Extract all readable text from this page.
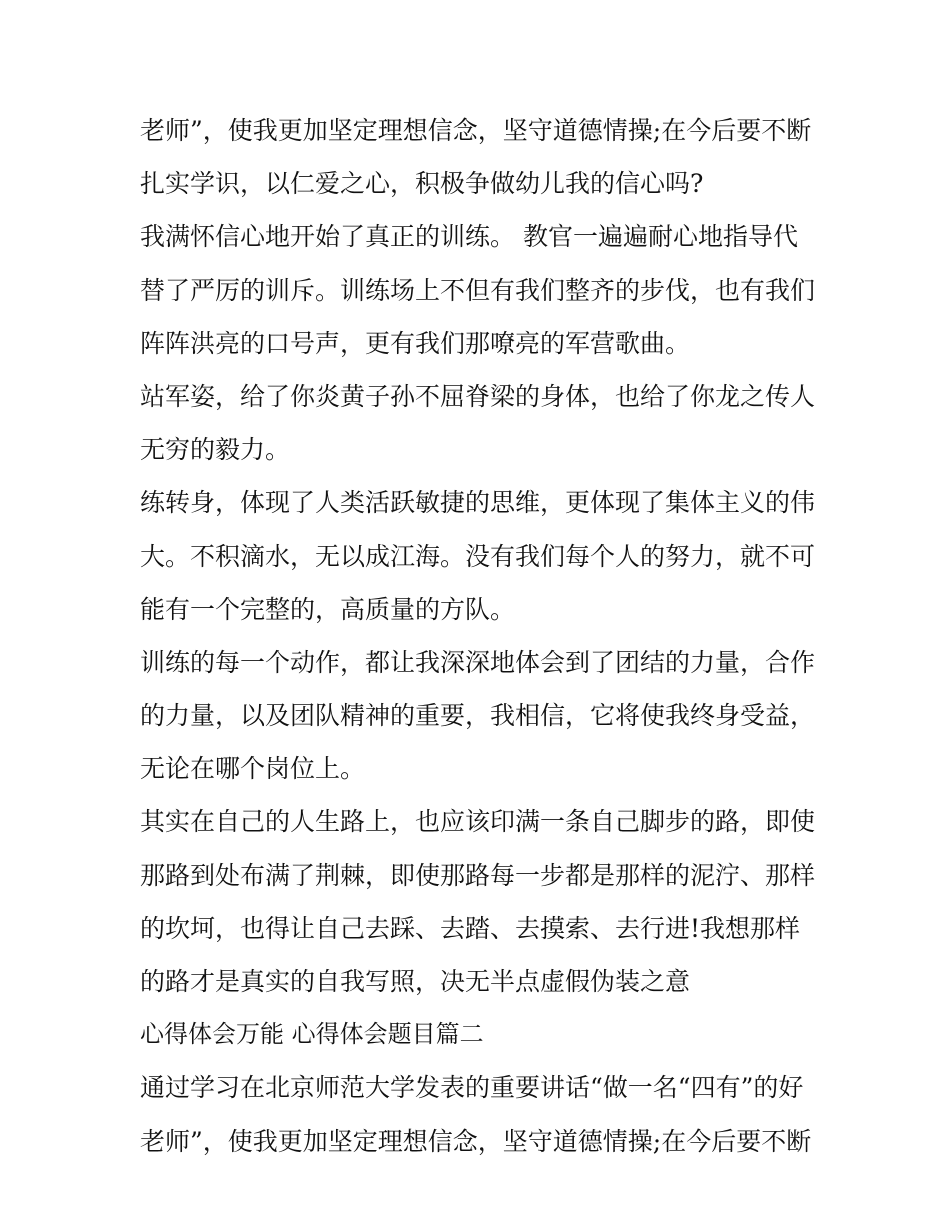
老师”，使我更加坚定理想信念，坚守道德情操;在今后要不断
扎实学识，以仁爱之心，积极争做幼儿我的信心吗?
我满怀信心地开始了真正的训练。 教官一遍遍耐心地指导代
替了严厉的训斥。训练场上不但有我们整齐的步伐，也有我们
阵阵洪亮的口号声，更有我们那嘹亮的军营歌曲。
站军姿，给了你炎黄子孙不屈脊梁的身体，也给了你龙之传人
无穷的毅力。
练转身，体现了人类活跃敏捷的思维，更体现了集体主义的伟
大。不积滴水，无以成江海。没有我们每个人的努力，就不可
能有一个完整的，高质量的方队。
训练的每一个动作，都让我深深地体会到了团结的力量，合作
的力量，以及团队精神的重要，我相信，它将使我终身受益，
无论在哪个岗位上。
其实在自己的人生路上，也应该印满一条自己脚步的路，即使
那路到处布满了荆棘，即使那路每一步都是那样的泥泞、那样
的坎坷，也得让自己去踩、去踏、去摸索、去行进!我想那样
的路才是真实的自我写照，决无半点虚假伪装之意
心得体会万能 心得体会题目篇二
通过学习在北京师范大学发表的重要讲话“做一名“四有”的好
老师”，使我更加坚定理想信念，坚守道德情操;在今后要不断
